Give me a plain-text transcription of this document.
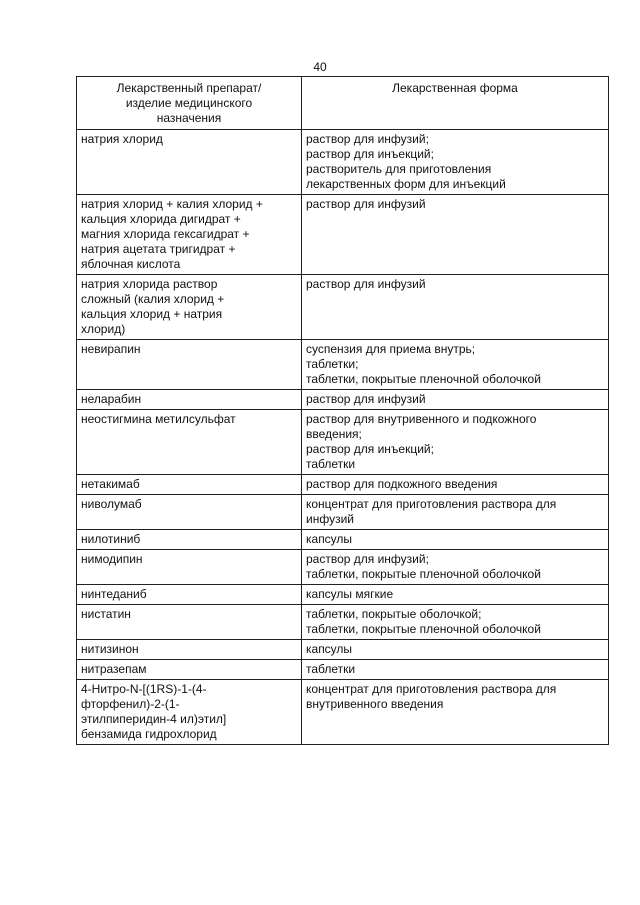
40
Лекарственный препарат/
изделие медицинского
назначения	Лекарственная форма

натрия хлорид	раствор для инфузий;
раствор для инъекций;
растворитель для приготовления
лекарственных форм для инъекций

натрия хлорид + калия хлорид +
кальция хлорида дигидрат +
магния хлорида гексагидрат +
натрия ацетата тригидрат +
яблочная кислота	раствор для инфузий

натрия хлорида раствор
сложный (калия хлорид +
кальция хлорид + натрия
хлорид)	раствор для инфузий

невирапин	суспензия для приема внутрь;
таблетки;
таблетки, покрытые пленочной оболочкой

неларабин	раствор для инфузий

неостигмина метилсульфат	раствор для внутривенного и подкожного
введения;
раствор для инъекций;
таблетки

нетакимаб	раствор для подкожного введения

ниволумаб	концентрат для приготовления раствора для
инфузий

нилотиниб	капсулы

нимодипин	раствор для инфузий;
таблетки, покрытые пленочной оболочкой

нинтеданиб	капсулы мягкие

нистатин	таблетки, покрытые оболочкой;
таблетки, покрытые пленочной оболочкой

нитизинон	капсулы

нитразепам	таблетки

4-Нитро-N-[(1RS)-1-(4-
фторфенил)-2-(1-
этилпиперидин-4 ил)этил]
бензамида гидрохлорид	концентрат для приготовления раствора для
внутривенного введения
